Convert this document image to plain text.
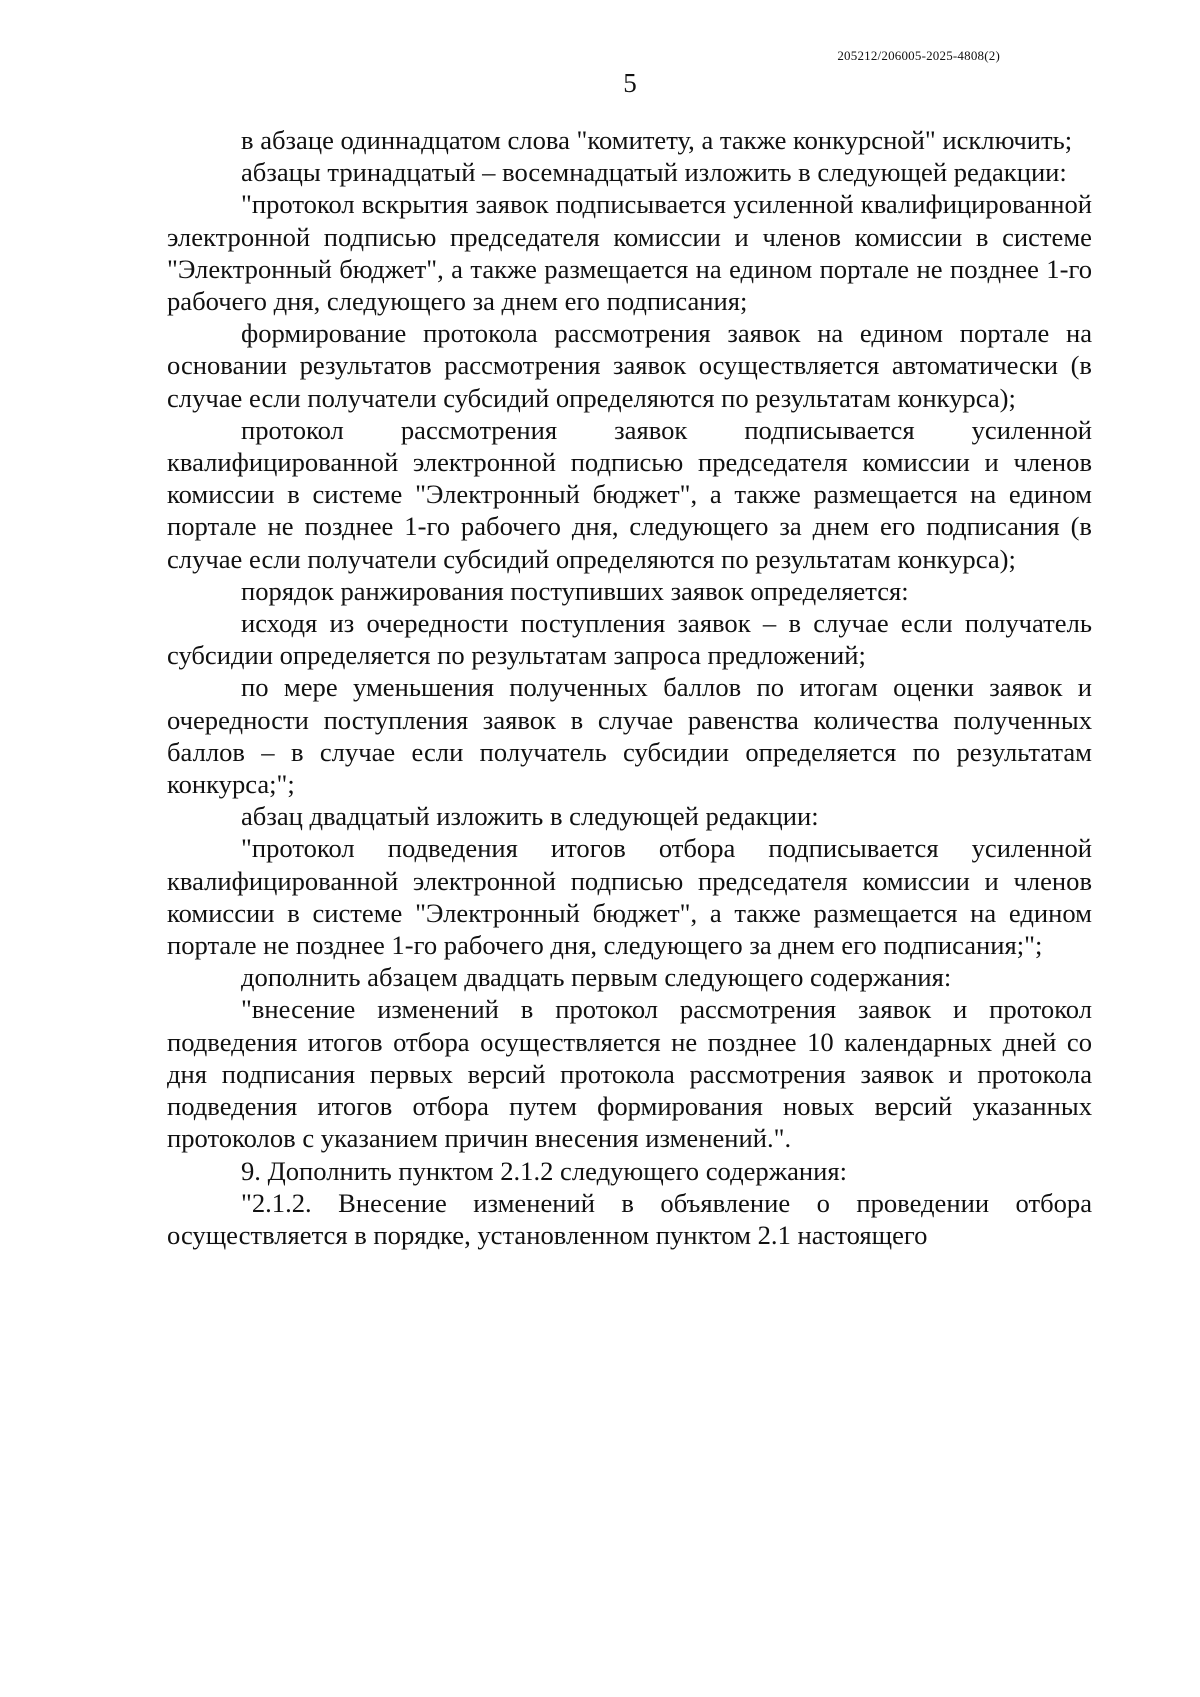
205212/206005-2025-4808(2)
5

в абзаце одиннадцатом слова "комитету, а также конкурсной" исключить;

абзацы тринадцатый – восемнадцатый изложить в следующей редакции:

"протокол вскрытия заявок подписывается усиленной квалифицированной электронной подписью председателя комиссии и членов комиссии в системе "Электронный бюджет", а также размещается на едином портале не позднее 1-го рабочего дня, следующего за днем его подписания;

формирование протокола рассмотрения заявок на едином портале на основании результатов рассмотрения заявок осуществляется автоматически (в случае если получатели субсидий определяются по результатам конкурса);

протокол рассмотрения заявок подписывается усиленной квалифицированной электронной подписью председателя комиссии и членов комиссии в системе "Электронный бюджет", а также размещается на едином портале не позднее 1-го рабочего дня, следующего за днем его подписания (в случае если получатели субсидий определяются по результатам конкурса);

порядок ранжирования поступивших заявок определяется:

исходя из очередности поступления заявок – в случае если получатель субсидии определяется по результатам запроса предложений;

по мере уменьшения полученных баллов по итогам оценки заявок и очередности поступления заявок в случае равенства количества полученных баллов – в случае если получатель субсидии определяется по результатам конкурса;";

абзац двадцатый изложить в следующей редакции:

"протокол подведения итогов отбора подписывается усиленной квалифицированной электронной подписью председателя комиссии и членов комиссии в системе "Электронный бюджет", а также размещается на едином портале не позднее 1-го рабочего дня, следующего за днем его подписания;";

дополнить абзацем двадцать первым следующего содержания:

"внесение изменений в протокол рассмотрения заявок и протокол подведения итогов отбора осуществляется не позднее 10 календарных дней со дня подписания первых версий протокола рассмотрения заявок и протокола подведения итогов отбора путем формирования новых версий указанных протоколов с указанием причин внесения изменений.".

9. Дополнить пунктом 2.1.2 следующего содержания:

"2.1.2. Внесение изменений в объявление о проведении отбора осуществляется в порядке, установленном пунктом 2.1 настоящего
